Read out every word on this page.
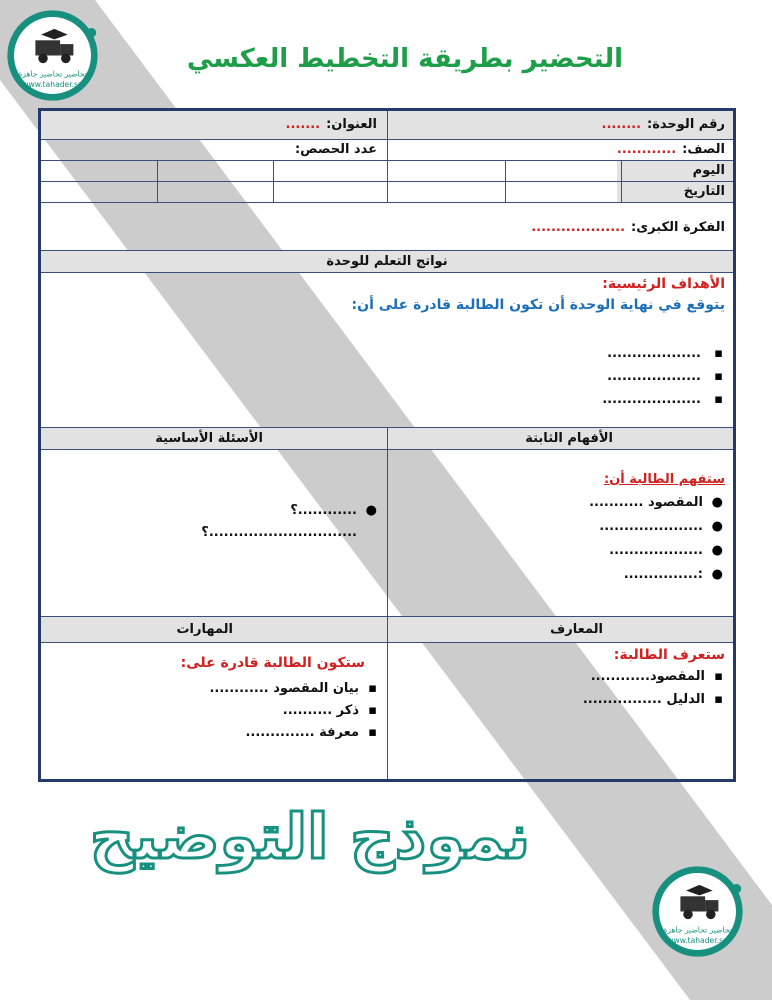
التحضير بطريقة التخطيط العكسي
رقم الوحدة:
........
العنوان:
.......
الصف:
............
عدد الحصص:
اليوم
التاريخ
الفكرة الكبرى:
...................
نواتج التعلم للوحدة
الأهداف الرئيسية:
يتوقع في نهاية الوحدة أن تكون الطالبة قادرة على أن:
▪
...................
▪
...................
▪
....................
الأفهام الثابتة
الأسئلة الأساسية
ستفهم الطالبة أن:
●
المقصود ...........
●
.....................
●
...................
●
:...............
●
............؟
..............................؟
المعارف
المهارات
ستعرف الطالبة:
▪
المقصود............
▪
الدليل ................
ستكون الطالبة قادرة على:
▪
بيان المقصود ............
▪
ذكر ..........
▪
معرفة ..............
نموذج التوضيح
تحاضير تحاضير جاهزة
www.tahader.sa
تحاضير تحاضير جاهزة
www.tahader.sa
